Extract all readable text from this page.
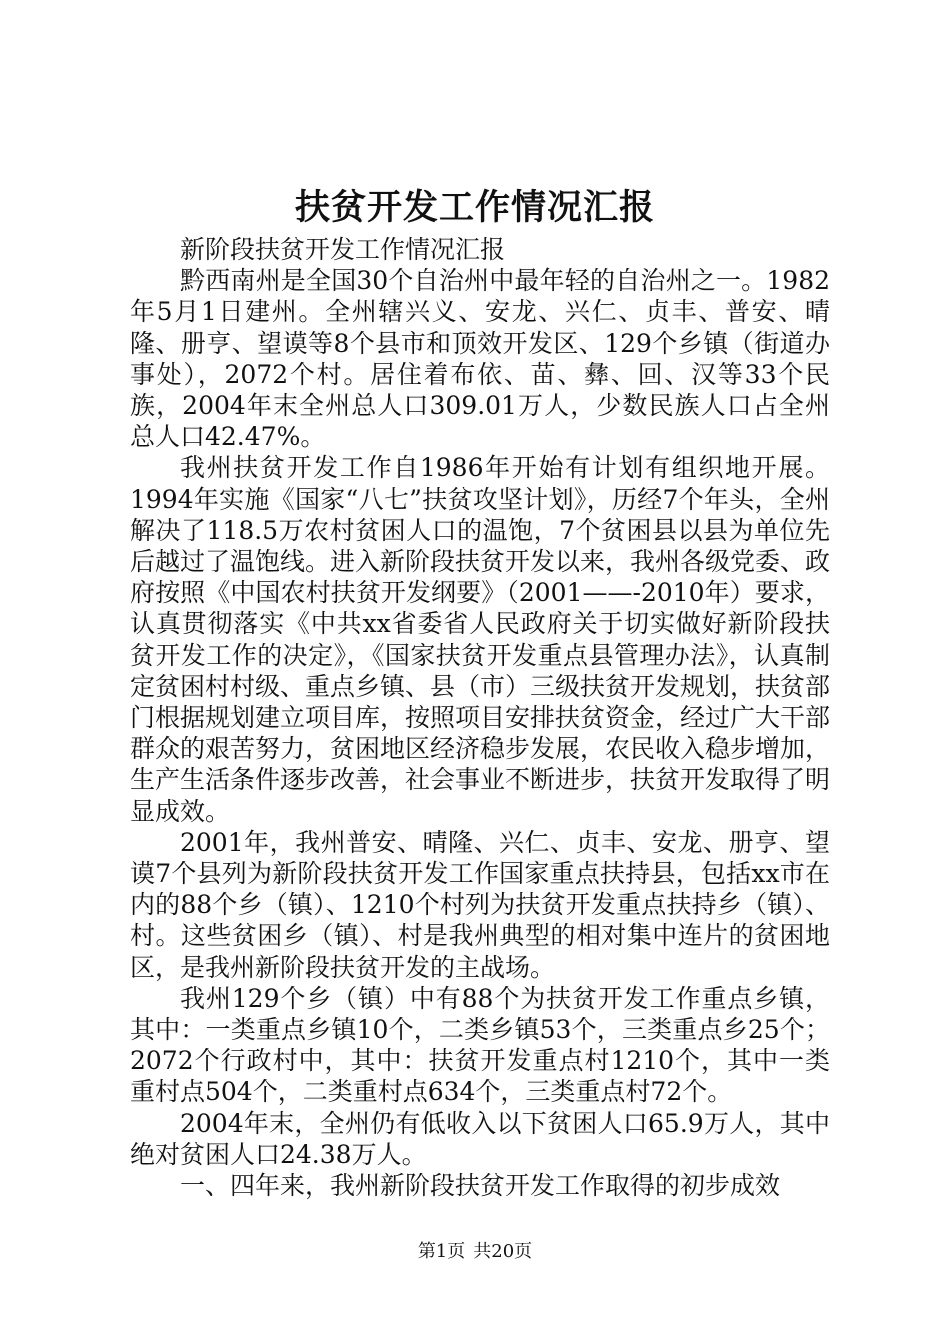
扶贫开发工作情况汇报

新阶段扶贫开发工作情况汇报

黔西南州是全国30个自治州中最年轻的自治州之一。1982年5月1日建州。全州辖兴义、安龙、兴仁、贞丰、普安、晴隆、册亨、望谟等8个县市和顶效开发区、129个乡镇（街道办事处），2072个村。居住着布依、苗、彝、回、汉等33个民族，2004年末全州总人口309.01万人，少数民族人口占全州总人口42.47%。

我州扶贫开发工作自1986年开始有计划有组织地开展。1994年实施《国家“八七”扶贫攻坚计划》，历经7个年头，全州解决了118.5万农村贫困人口的温饱，7个贫困县以县为单位先后越过了温饱线。进入新阶段扶贫开发以来，我州各级党委、政府按照《中国农村扶贫开发纲要》（2001——-2010年）要求，认真贯彻落实《中共xx省委省人民政府关于切实做好新阶段扶贫开发工作的决定》，《国家扶贫开发重点县管理办法》，认真制定贫困村村级、重点乡镇、县（市）三级扶贫开发规划，扶贫部门根据规划建立项目库，按照项目安排扶贫资金，经过广大干部群众的艰苦努力，贫困地区经济稳步发展，农民收入稳步增加，生产生活条件逐步改善，社会事业不断进步，扶贫开发取得了明显成效。

2001年，我州普安、晴隆、兴仁、贞丰、安龙、册亨、望谟7个县列为新阶段扶贫开发工作国家重点扶持县，包括xx市在内的88个乡（镇）、1210个村列为扶贫开发重点扶持乡（镇）、村。这些贫困乡（镇）、村是我州典型的相对集中连片的贫困地区，是我州新阶段扶贫开发的主战场。

我州129个乡（镇）中有88个为扶贫开发工作重点乡镇，其中：一类重点乡镇10个，二类乡镇53个，三类重点乡25个；2072个行政村中，其中：扶贫开发重点村1210个，其中一类重村点504个，二类重村点634个，三类重点村72个。

2004年末，全州仍有低收入以下贫困人口65.9万人，其中绝对贫困人口24.38万人。

一、四年来，我州新阶段扶贫开发工作取得的初步成效

第1页 共20页
